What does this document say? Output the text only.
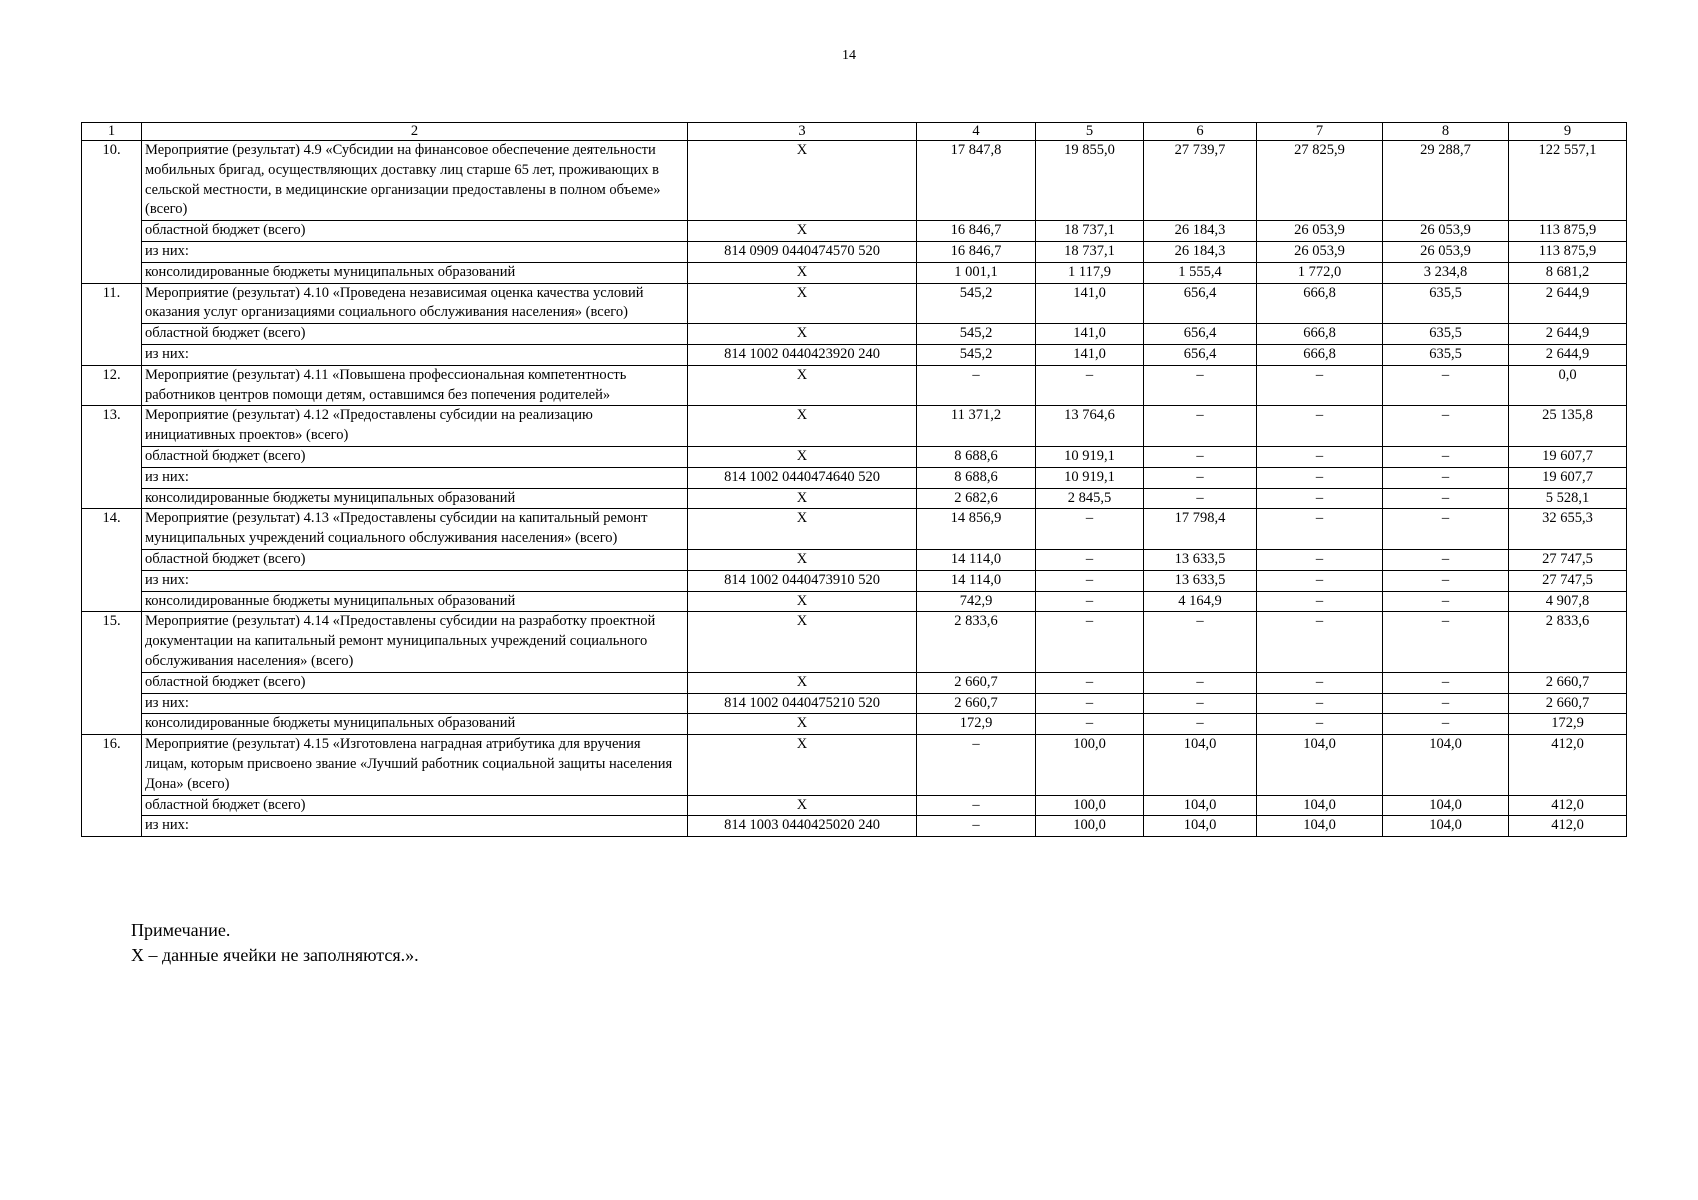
14
1	2	3	4	5	6	7	8	9
10.	Мероприятие (результат) 4.9 «Субсидии на финансовое обеспечение деятельности мобильных бригад, осуществляющих доставку лиц старше 65 лет, проживающих в сельской местности, в медицинские организации предоставлены в полном объеме» (всего)	X	17 847,8	19 855,0	27 739,7	27 825,9	29 288,7	122 557,1
	областной бюджет (всего)	X	16 846,7	18 737,1	26 184,3	26 053,9	26 053,9	113 875,9
	из них:	814 0909 0440474570 520	16 846,7	18 737,1	26 184,3	26 053,9	26 053,9	113 875,9
	консолидированные бюджеты муниципальных образований	X	1 001,1	1 117,9	1 555,4	1 772,0	3 234,8	8 681,2
11.	Мероприятие (результат) 4.10 «Проведена независимая оценка качества условий оказания услуг организациями социального обслуживания населения» (всего)	X	545,2	141,0	656,4	666,8	635,5	2 644,9
	областной бюджет (всего)	X	545,2	141,0	656,4	666,8	635,5	2 644,9
	из них:	814 1002 0440423920 240	545,2	141,0	656,4	666,8	635,5	2 644,9
12.	Мероприятие (результат) 4.11 «Повышена профессиональная компетентность работников центров помощи детям, оставшимся без попечения родителей»	X	–	–	–	–	–	0,0
13.	Мероприятие (результат) 4.12 «Предоставлены субсидии на реализацию инициативных проектов» (всего)	X	11 371,2	13 764,6	–	–	–	25 135,8
	областной бюджет (всего)	X	8 688,6	10 919,1	–	–	–	19 607,7
	из них:	814 1002 0440474640 520	8 688,6	10 919,1	–	–	–	19 607,7
	консолидированные бюджеты муниципальных образований	X	2 682,6	2 845,5	–	–	–	5 528,1
14.	Мероприятие (результат) 4.13 «Предоставлены субсидии на капитальный ремонт муниципальных учреждений социального обслуживания населения» (всего)	X	14 856,9	–	17 798,4	–	–	32 655,3
	областной бюджет (всего)	X	14 114,0	–	13 633,5	–	–	27 747,5
	из них:	814 1002 0440473910 520	14 114,0	–	13 633,5	–	–	27 747,5
	консолидированные бюджеты муниципальных образований	X	742,9	–	4 164,9	–	–	4 907,8
15.	Мероприятие (результат) 4.14 «Предоставлены субсидии на разработку проектной документации на капитальный ремонт муниципальных учреждений социального обслуживания населения» (всего)	X	2 833,6	–	–	–	–	2 833,6
	областной бюджет (всего)	X	2 660,7	–	–	–	–	2 660,7
	из них:	814 1002 0440475210 520	2 660,7	–	–	–	–	2 660,7
	консолидированные бюджеты муниципальных образований	X	172,9	–	–	–	–	172,9
16.	Мероприятие (результат) 4.15 «Изготовлена наградная атрибутика для вручения лицам, которым присвоено звание «Лучший работник социальной защиты населения Дона» (всего)	X	–	100,0	104,0	104,0	104,0	412,0
	областной бюджет (всего)	X	–	100,0	104,0	104,0	104,0	412,0
	из них:	814 1003 0440425020 240	–	100,0	104,0	104,0	104,0	412,0
Примечание.
Х – данные ячейки не заполняются.».
